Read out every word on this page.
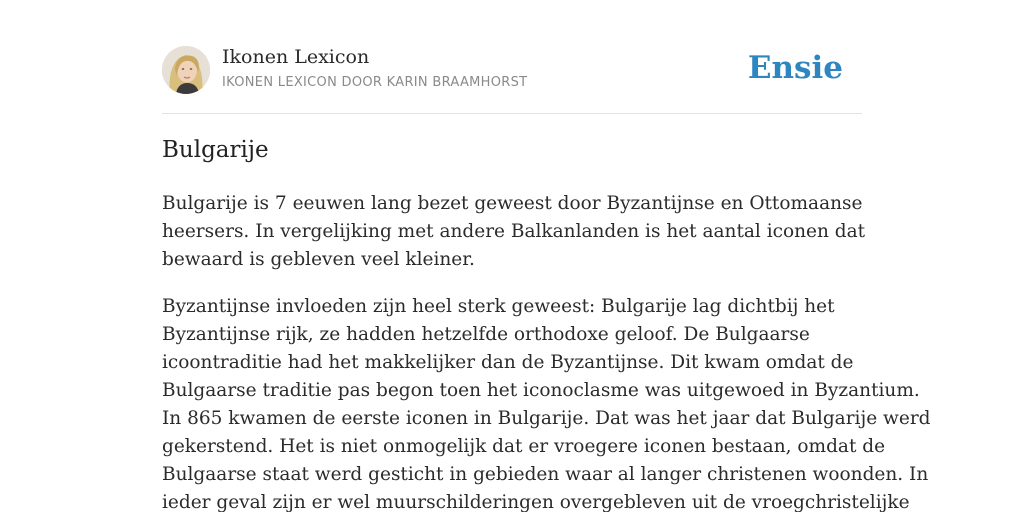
Ikonen Lexicon
IKONEN LEXICON DOOR KARIN BRAAMHORST	Ensie
Bulgarije

Bulgarije is 7 eeuwen lang bezet geweest door Byzantijnse en Ottomaanse
heersers. In vergelijking met andere Balkanlanden is het aantal iconen dat
bewaard is gebleven veel kleiner.

Byzantijnse invloeden zijn heel sterk geweest: Bulgarije lag dichtbij het
Byzantijnse rijk, ze hadden hetzelfde orthodoxe geloof. De Bulgaarse
icoontraditie had het makkelijker dan de Byzantijnse. Dit kwam omdat de
Bulgaarse traditie pas begon toen het iconoclasme was uitgewoed in Byzantium.
In 865 kwamen de eerste iconen in Bulgarije. Dat was het jaar dat Bulgarije werd
gekerstend. Het is niet onmogelijk dat er vroegere iconen bestaan, omdat de
Bulgaarse staat werd gesticht in gebieden waar al langer christenen woonden. In
ieder geval zijn er wel muurschilderingen overgebleven uit de vroegchristelijke
